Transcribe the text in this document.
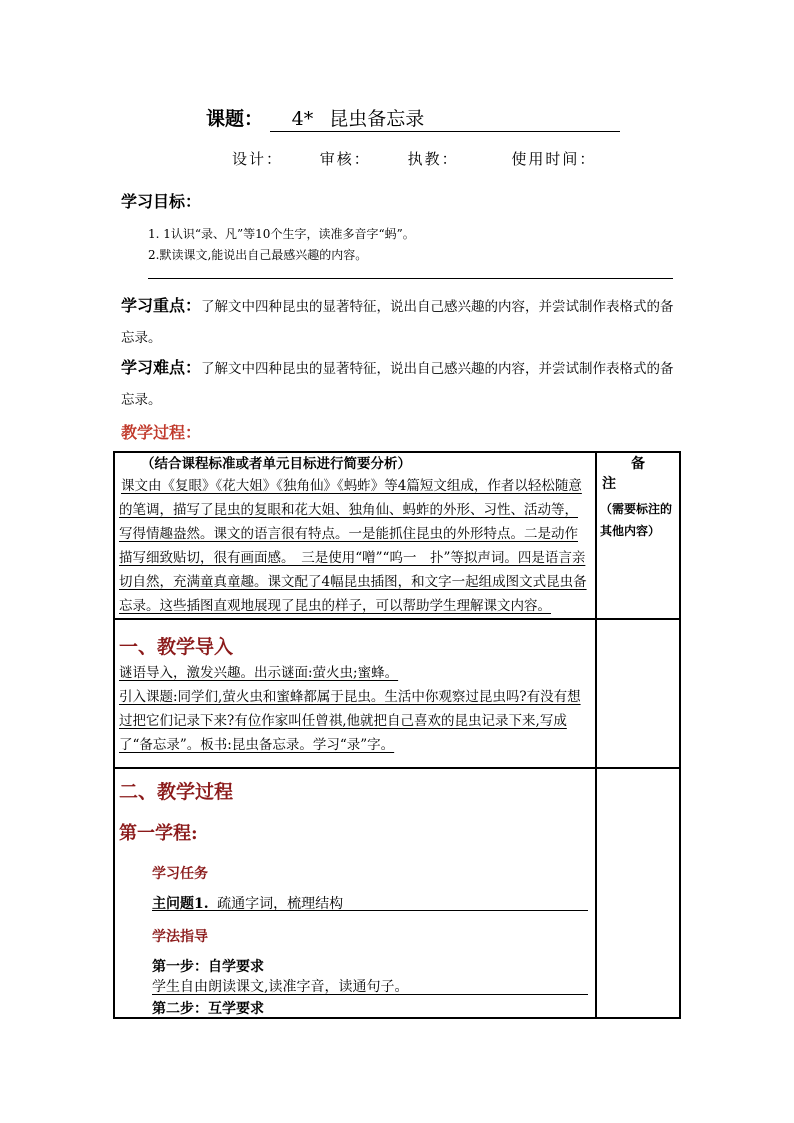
课题： 4* 昆虫备忘录
设计： 审核： 执教：	使用时间：
学习目标：
1. 1认识“录、凡”等10个生字，读准多音字“蚂”。
2.默读课文,能说出自己最感兴趣的内容。
学习重点：了解文中四种昆虫的显著特征，说出自己感兴趣的内容，并尝试制作表格式的备忘录。
学习难点：了解文中四种昆虫的显著特征，说出自己感兴趣的内容，并尝试制作表格式的备忘录。
教学过程：
（结合课程标准或者单元目标进行简要分析）
课文由《复眼》《花大姐》《独角仙》《蚂蚱》等4篇短文组成，作者以轻松随意的笔调，描写了昆虫的复眼和花大姐、独角仙、蚂蚱的外形、习性、活动等，写得情趣盎然。课文的语言很有特点。一是能抓住昆虫的外形特点。二是动作描写细致贴切，很有画面感。　三是使用“噌”“呜一　扑”等拟声词。四是语言亲切自然，充满童真童趣。课文配了4幅昆虫插图，和文字一起组成图文式昆虫备忘录。这些插图直观地展现了昆虫的样子，可以帮助学生理解课文内容。
备
注
（需要标注的其他内容）
一、教学导入
谜语导入，激发兴趣。出示谜面:萤火虫;蜜蜂。
引入课题:同学们,萤火虫和蜜蜂都属于昆虫。生活中你观察过昆虫吗?有没有想过把它们记录下来?有位作家叫任曾祺,他就把自己喜欢的昆虫记录下来,写成了“备忘录”。板书:昆虫备忘录。学习“录”字。
二、教学过程
第一学程:
学习任务
主问题1. 疏通字词，梳理结构
学法指导
第一步：自学要求
学生自由朗读课文,读准字音，读通句子。
第二步：互学要求
